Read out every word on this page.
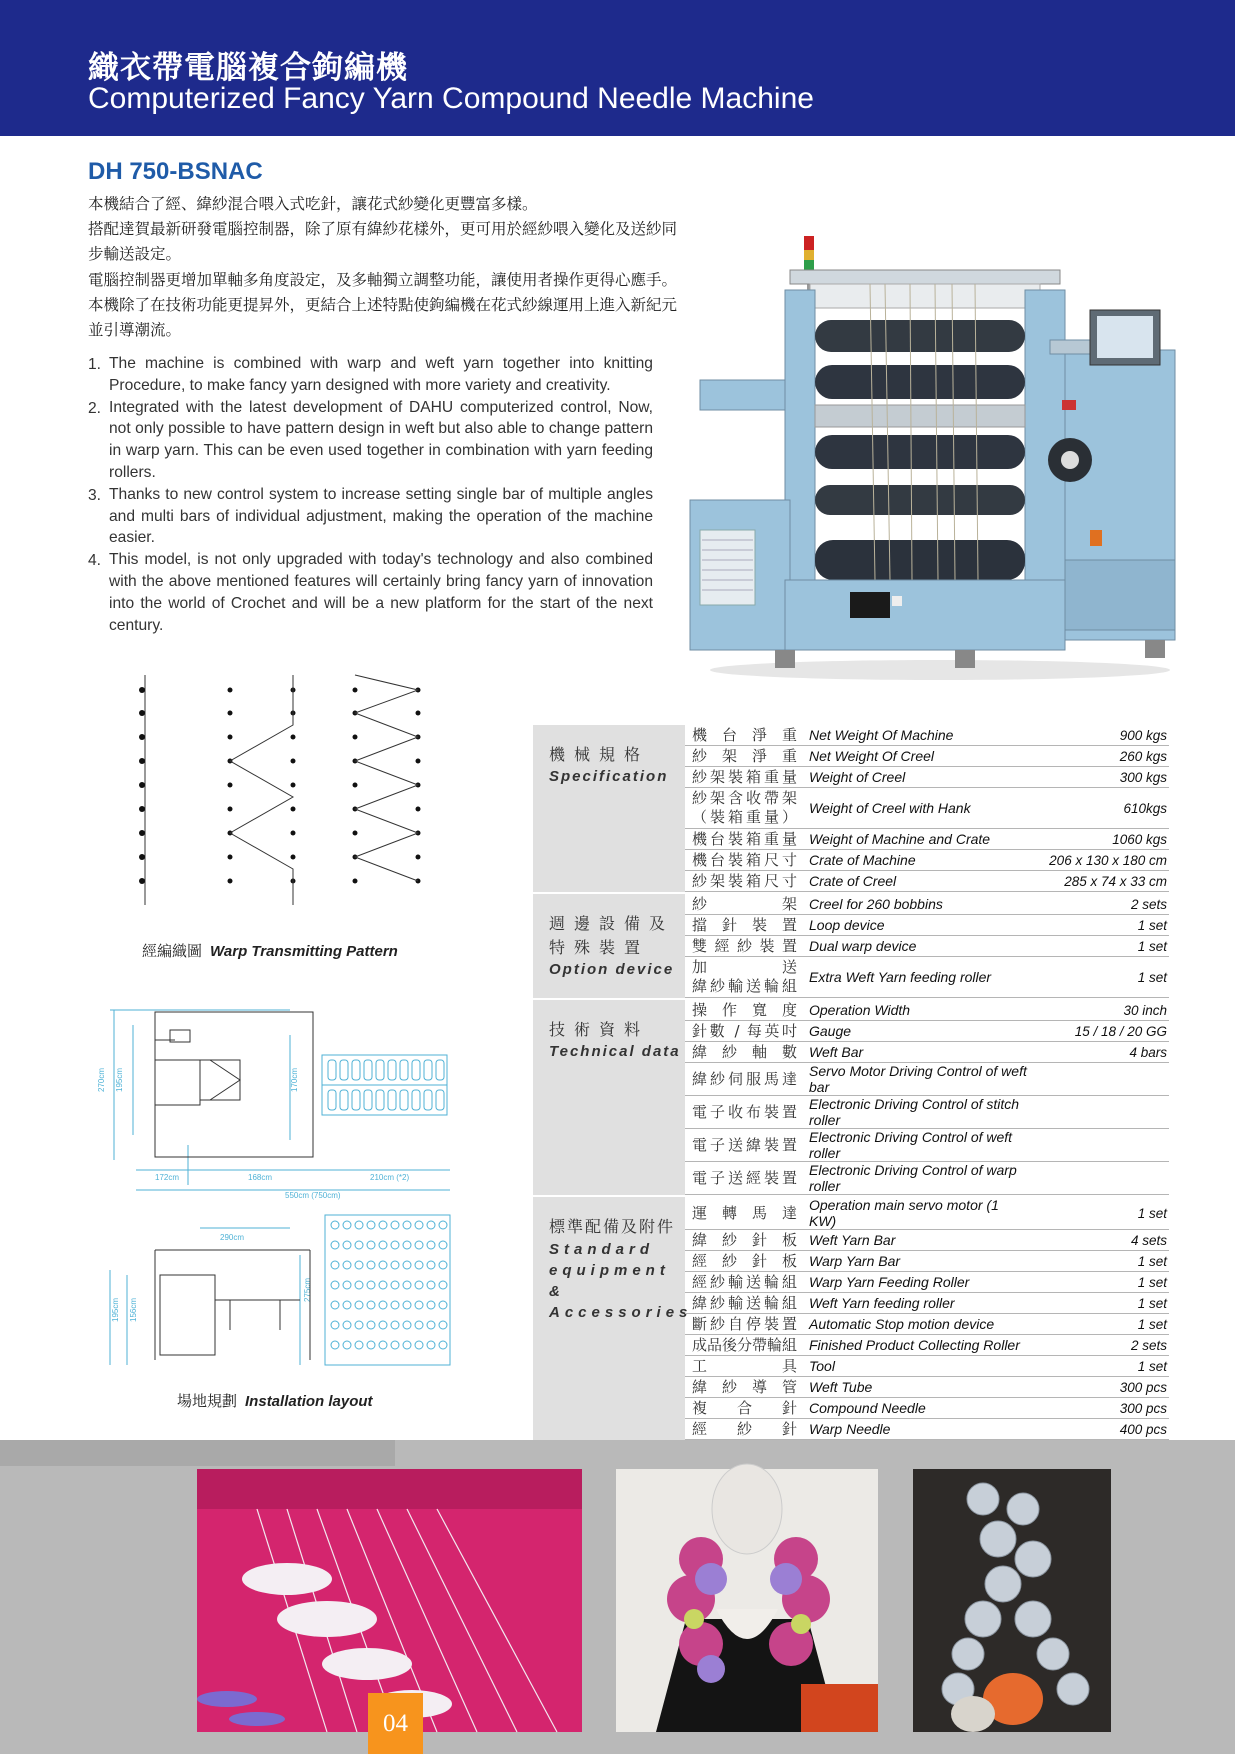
織衣帶電腦複合鉤編機
Computerized Fancy Yarn Compound Needle Machine
DH 750-BSNAC

本機結合了經、緯紗混合喂入式吃針，讓花式紗變化更豐富多樣。

搭配達賀最新研發電腦控制器，除了原有緯紗花樣外，更可用於經紗喂入變化及送紗同

步輸送設定。

電腦控制器更增加單軸多角度設定，及多軸獨立調整功能，讓使用者操作更得心應手。

本機除了在技術功能更提昇外，更結合上述特點使鉤編機在花式紗線運用上進入新紀元

並引導潮流。

1. The machine is combined with warp and weft yarn together into knitting Procedure, to make fancy yarn designed with more variety and creativity.
2. Integrated with the latest development of DAHU computerized control, Now, not only possible to have pattern design in weft but also able to change pattern in warp yarn. This can be even used together in combination with yarn feeding rollers.
3. Thanks to new control system to increase setting single bar of multiple angles and multi bars of individual adjustment, making the operation of the machine easier.
4. This model, is not only upgraded with today's technology and also combined with the above mentioned features will certainly bring fancy yarn of innovation into the world of Crochet and will be a new platform for the start of the next century.
經編織圖 Warp Transmitting Pattern
270cm 195cm	170cm
172cm	168cm	210cm (*2)
550cm (750cm)
290cm
195cm 156cm
275cm
場地規劃 Installation layout
機械規格
Specification
機台淨重 Net Weight Of Machine	900 kgs
紗架淨重 Net Weight Of Creel	260 kgs
紗架裝箱重量 Weight of Creel	300 kgs
紗架含收帶架
（裝箱重量） Weight of Creel with Hank	610kgs
機台裝箱重量 Weight of Machine and Crate	1060 kgs
機台裝箱尺寸 Crate of Machine	206 x 130 x 180 cm
紗架裝箱尺寸 Crate of Creel	285 x 74 x 33 cm
週邊設備及特殊裝置
Option device
紗架 Creel for 260 bobbins	2 sets
擋針裝置 Loop device	1 set
雙經紗裝置 Dual warp device	1 set
加送
緯紗輸送輪組 Extra Weft Yarn feeding roller	1 set
技術資料
Technical data
操作寬度 Operation Width	30 inch
針數 / 每英吋 Gauge	15 / 18 / 20 GG
緯紗軸數 Weft Bar	4 bars
緯紗伺服馬達 Servo Motor Driving Control of weft bar
電子收布裝置 Electronic Driving Control of stitch roller
電子送緯裝置 Electronic Driving Control of weft roller
電子送經裝置 Electronic Driving Control of warp roller
標準配備及附件
Standard equipment & Accessories
運轉馬達 Operation main servo motor (1 KW)	1 set
緯紗針板 Weft Yarn Bar	4 sets
經紗針板 Warp Yarn Bar	1 set
經紗輸送輪組 Warp Yarn Feeding Roller	1 set
緯紗輸送輪組 Weft Yarn feeding roller	1 set
斷紗自停裝置 Automatic Stop motion device	1 set
成品後分帶輪組 Finished Product Collecting Roller	2 sets
工具 Tool	1 set
緯紗導管 Weft Tube	300 pcs
複合針 Compound Needle	300 pcs
經紗針 Warp Needle	400 pcs
04
